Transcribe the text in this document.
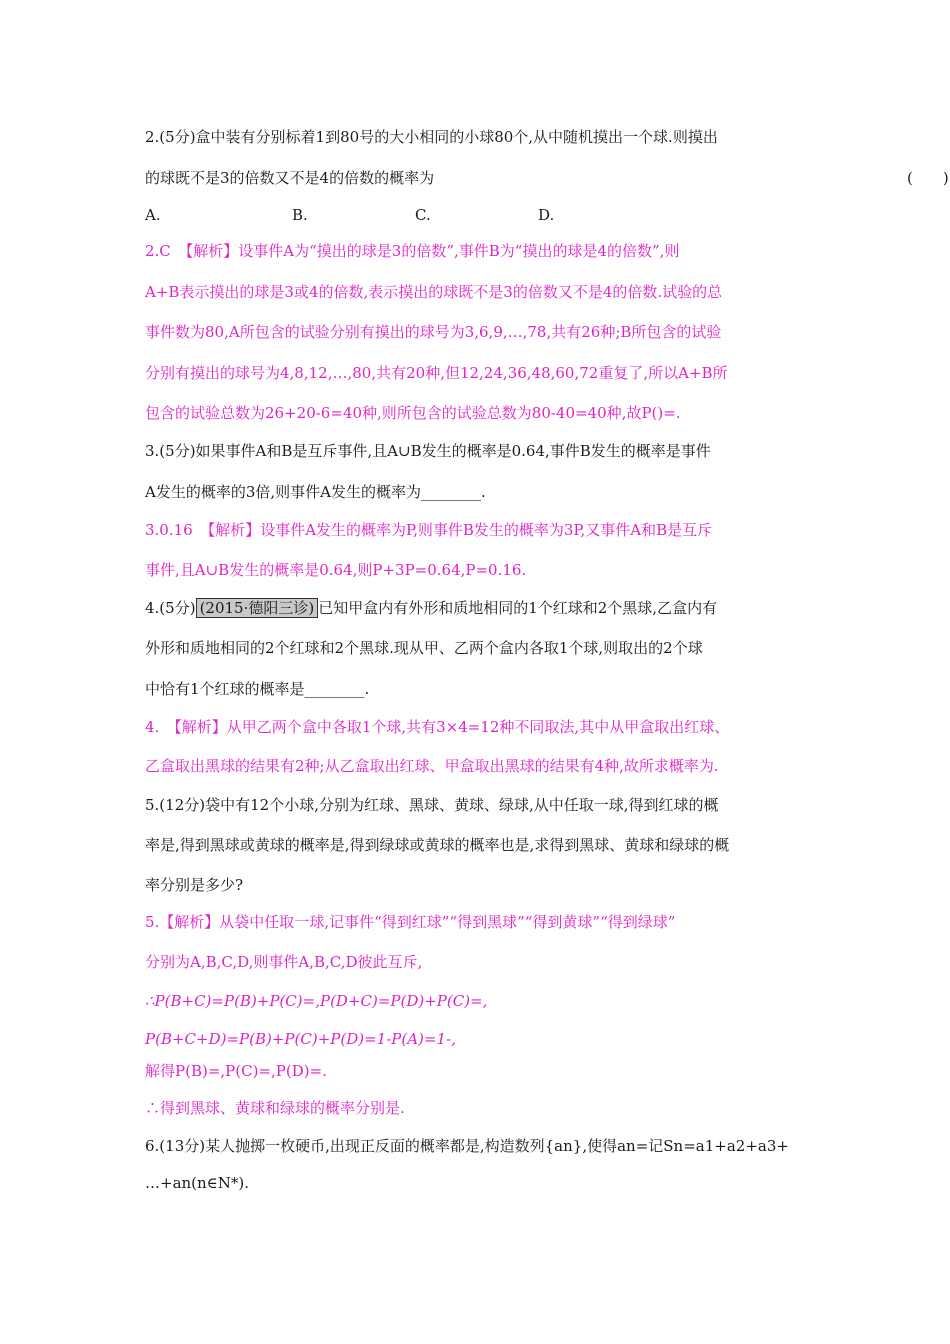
2.(5分)盒中装有分别标着1到80号的大小相同的小球80个,从中随机摸出一个球.则摸出
的球既不是3的倍数又不是4的倍数的概率为	(　　)
A.	B.	C.	D.
2.C　【解析】设事件A为“摸出的球是3的倍数”,事件B为“摸出的球是4的倍数”,则
A+B表示摸出的球是3或4的倍数,表示摸出的球既不是3的倍数又不是4的倍数.试验的总
事件数为80,A所包含的试验分别有摸出的球号为3,6,9,…,78,共有26种;B所包含的试验
分别有摸出的球号为4,8,12,…,80,共有20种,但12,24,36,48,60,72重复了,所以A+B所
包含的试验总数为26+20-6=40种,则所包含的试验总数为80-40=40种,故P()=.
3.(5分)如果事件A和B是互斥事件,且A∪B发生的概率是0.64,事件B发生的概率是事件
A发生的概率的3倍,则事件A发生的概率为________.
3.0.16　【解析】设事件A发生的概率为P,则事件B发生的概率为3P,又事件A和B是互斥
事件,且A∪B发生的概率是0.64,则P+3P=0.64,P=0.16.
4.(5分) (2015·德阳三诊) 已知甲盒内有外形和质地相同的1个红球和2个黑球,乙盒内有
外形和质地相同的2个红球和2个黑球.现从甲、乙两个盒内各取1个球,则取出的2个球
中恰有1个红球的概率是________.
4.　【解析】从甲乙两个盒中各取1个球,共有3×4=12种不同取法,其中从甲盒取出红球、
乙盒取出黑球的结果有2种;从乙盒取出红球、甲盒取出黑球的结果有4种,故所求概率为.
5.(12分)袋中有12个小球,分别为红球、黑球、黄球、绿球,从中任取一球,得到红球的概
率是,得到黑球或黄球的概率是,得到绿球或黄球的概率也是,求得到黑球、黄球和绿球的概
率分别是多少?
5.【解析】从袋中任取一球,记事件“得到红球”“得到黑球”“得到黄球”“得到绿球”
分别为A,B,C,D,则事件A,B,C,D彼此互斥,
∴P(B+C)=P(B)+P(C)=,P(D+C)=P(D)+P(C)=,
P(B+C+D)=P(B)+P(C)+P(D)=1-P(A)=1-,
解得P(B)=,P(C)=,P(D)=.
∴得到黑球、黄球和绿球的概率分别是.
6.(13分)某人抛掷一枚硬币,出现正反面的概率都是,构造数列{an},使得an=记Sn=a1+a2+a3+
…+an(n∈N*).
